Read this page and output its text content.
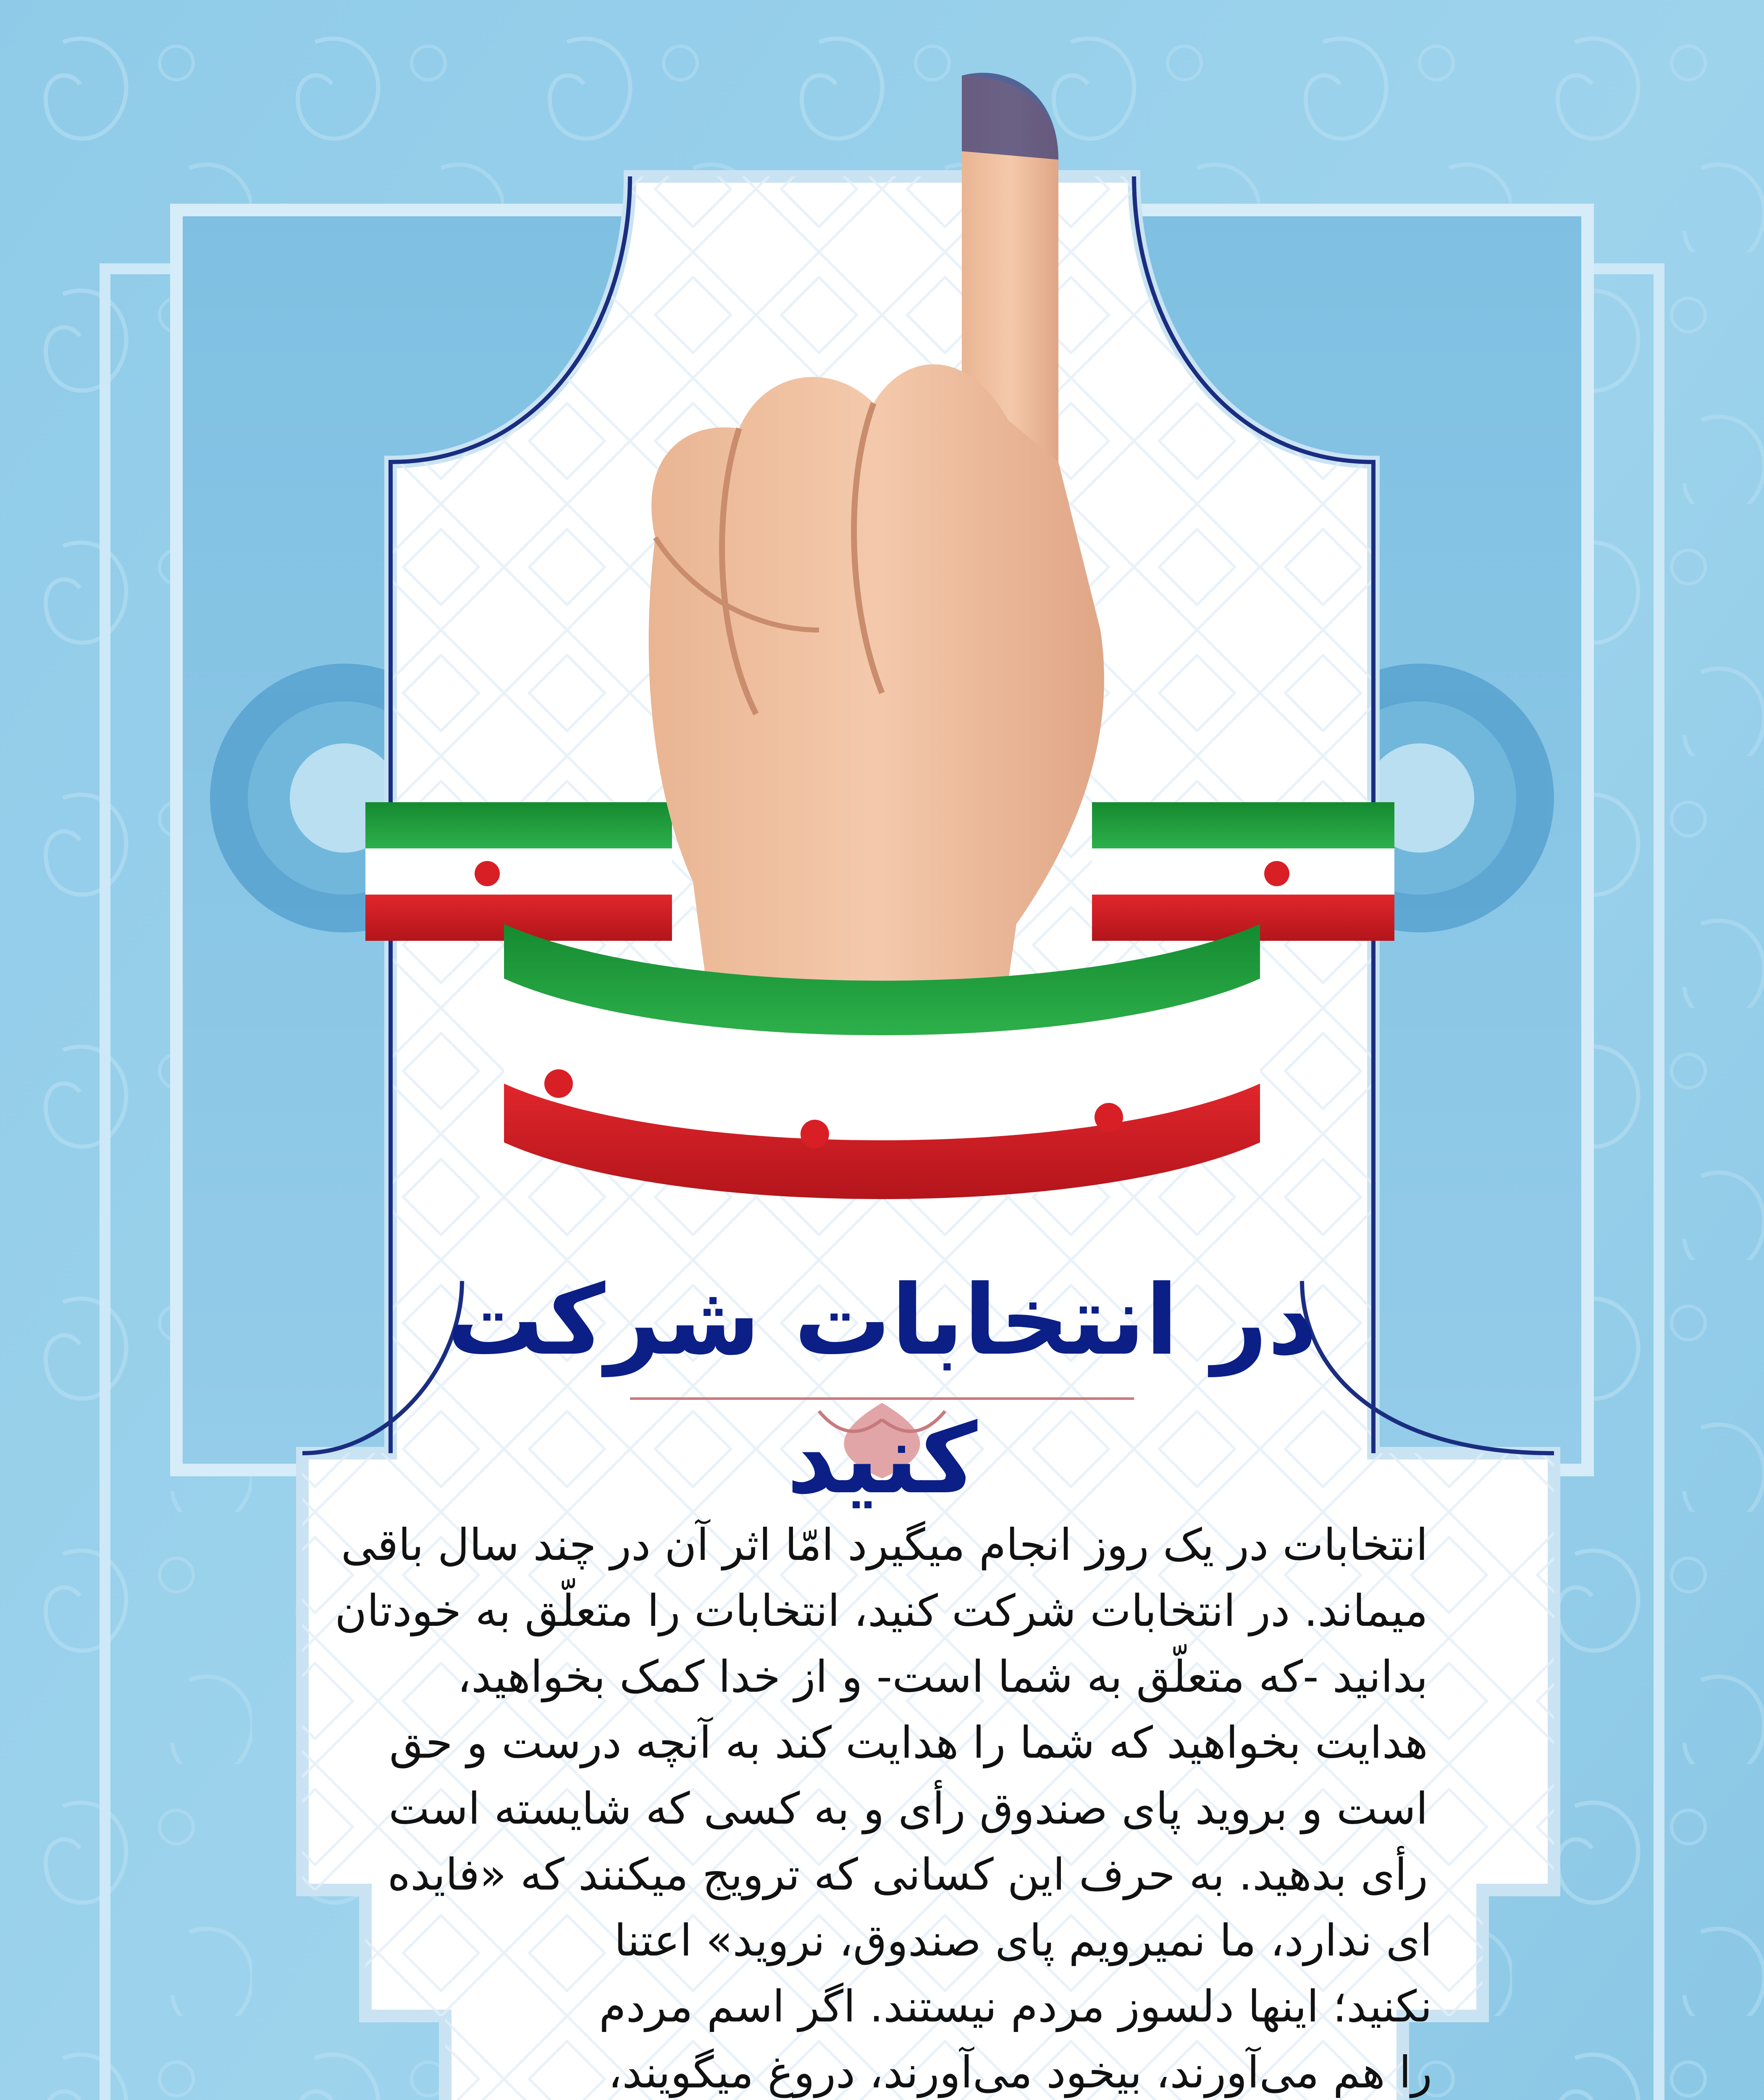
در انتخابات شرکت کنید
انتخابات در یک روز انجام میگیرد امّا اثر آن در چند سال باقی
میماند. در انتخابات شرکت کنید، انتخابات را متعلّق به خودتان
بدانید -که متعلّق به شما است- و از خدا کمک بخواهید،
هدایت بخواهید که شما را هدایت کند به آنچه درست و حق
است و بروید پای صندوق رأی و به کسی که شایسته است
رأی بدهید. به حرف این کسانی که ترویج میکنند که «فایده
ای ندارد، ما نمیرویم پای صندوق، نروید» اعتنا
نکنید؛ اینها دلسوز مردم نیستند. اگر اسم مردم
را هم می‌آورند، بیخود می‌آورند، دروغ میگویند،
